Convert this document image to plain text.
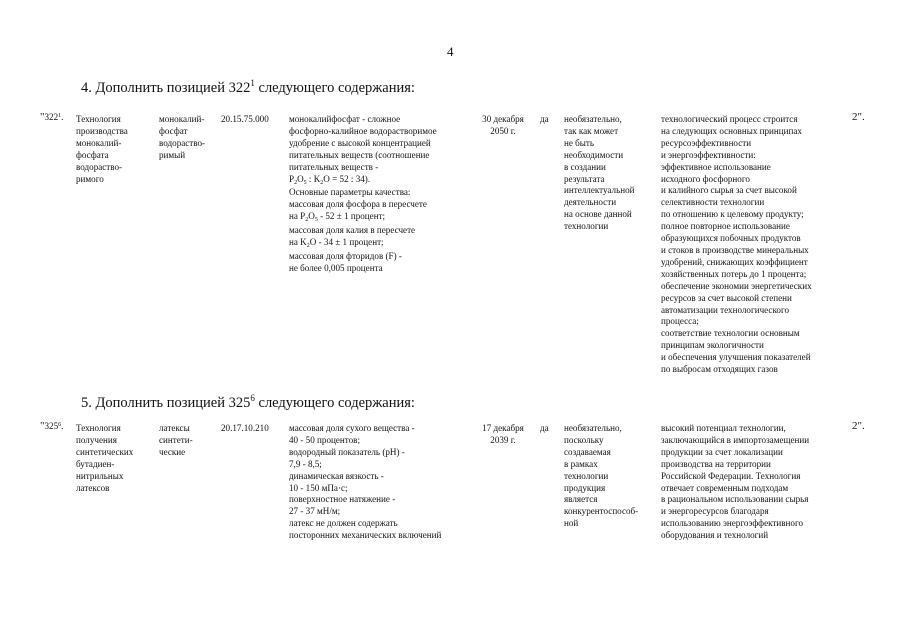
4
4. Дополнить позицией $322^1$ следующего содержания:
"$322^1$. Технология
производства
монокалий-
фосфата
водораство-
римого
монокалий-
фосфат
водораство-
римый
20.15.75.000 монокалийфосфат - сложное
фосфорно-калийное водорастворимое
удобрение с высокой концентрацией
питательных веществ (соотношение
питательных веществ -
$P_2O_5$ : $K_2O = 52$ : 34).
Основные параметры качества:
массовая доля фосфора в пересчете
на $P_2O_5 - 52 \pm 1$ процент;
массовая доля калия в пересчете
на $K_2O - 34 \pm 1$ процент;
массовая доля фторидов (F) -
не более 0,005 процента
30 декабря
2050 г.
да необязательно,
так как может
не быть
необходимости
в создании
результата
интеллектуальной
деятельности
на основе данной
технологии
технологический процесс строится
на следующих основных принципах
ресурсоэффективности
и энергоэффективности:
эффективное использование
исходного фосфорного
и калийного сырья за счет высокой
селективности технологии
по отношению к целевому продукту;
полное повторное использование
образующихся побочных продуктов
и стоков в производстве минеральных
удобрений, снижающих коэффициент
хозяйственных потерь до 1 процента;
обеспечение экономии энергетических
ресурсов за счет высокой степени
автоматизации технологического
процесса;
соответствие технологии основным
принципам экологичности
и обеспечения улучшения показателей
по выбросам отходящих газов
2".
5. Дополнить позицией $325^6$ следующего содержания:
"$325^6$. Технология
получения
синтетических
бутадиен-
нитрильных
латексов
латексы
синтети-
ческие
20.17.10.210 массовая доля сухого вещества -
40 - 50 процентов;
водородный показатель (pH) -
7,9 - 8,5;
динамическая вязкость -
10 - 150 мПа·с;
поверхностное натяжение -
27 - 37 мН/м;
латекс не должен содержать
посторонних механических включений
17 декабря
2039 г.
да необязательно,
поскольку
создаваемая
в рамках
технологии
продукция
является
конкурентоспособ-
ной
высокий потенциал технологии,
заключающийся в импортозамещении
продукции за счет локализации
производства на территории
Российской Федерации. Технология
отвечает современным подходам
в рациональном использовании сырья
и энергоресурсов благодаря
использованию энергоэффективного
оборудования и технологий
2".
